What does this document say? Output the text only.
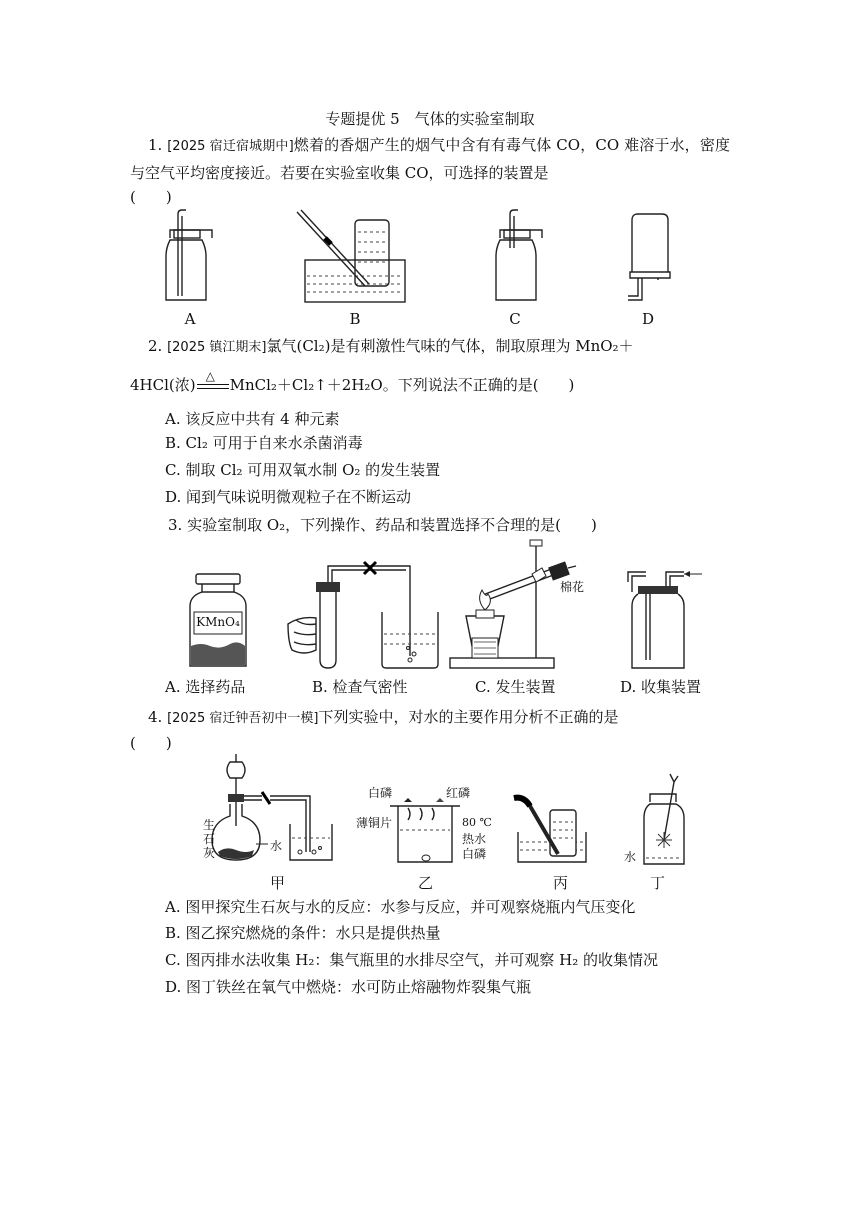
专题提优 5　气体的实验室制取
1. [2025 宿迁宿城期中]燃着的香烟产生的烟气中含有有毒气体 CO，CO 难溶于水，密度与空气平均密度接近。若要在实验室收集 CO，可选择的装置是
(　　)
A	B	C	D
2. [2025 镇江期末]氯气(Cl₂)是有刺激性气味的气体，制取原理为 MnO₂＋
4HCl(浓) △ MnCl₂＋Cl₂↑＋2H₂O。下列说法不正确的是(　　)
A. 该反应中共有 4 种元素
B. Cl₂ 可用于自来水杀菌消毒
C. 制取 Cl₂ 可用双氧水制 O₂ 的发生装置
D. 闻到气味说明微观粒子在不断运动
3. 实验室制取 O₂，下列操作、药品和装置选择不合理的是(　　)
KMnO₄
棉花
A. 选择药品	B. 检查气密性	C. 发生装置	D. 收集装置
4. [2025 宿迁钟吾初中一模]下列实验中，对水的主要作用分析不正确的是
(　　)
生石灰	水
白磷	红磷
薄铜片	80 ℃
热水
白磷	水
甲	乙	丙	丁
A. 图甲探究生石灰与水的反应：水参与反应，并可观察烧瓶内气压变化
B. 图乙探究燃烧的条件：水只是提供热量
C. 图丙排水法收集 H₂：集气瓶里的水排尽空气，并可观察 H₂ 的收集情况
D. 图丁铁丝在氧气中燃烧：水可防止熔融物炸裂集气瓶
